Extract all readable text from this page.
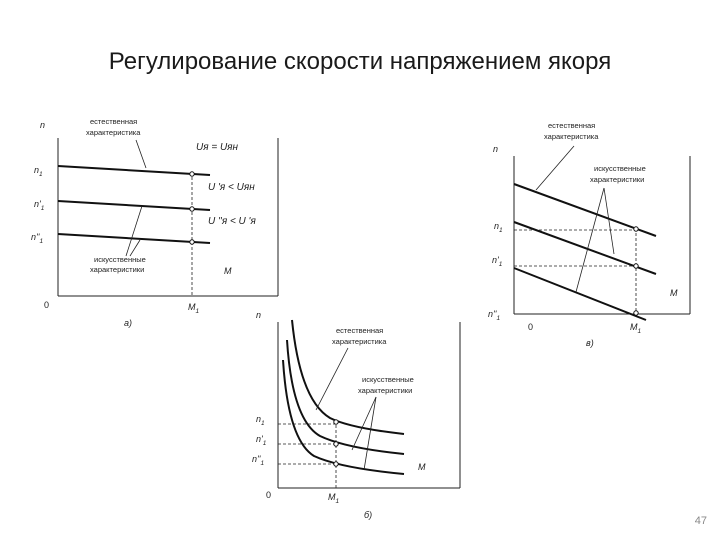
Регулирование скорости напряжением якоря
n
0
M
а)
$M_1$
$n_1$
$n'_1$
$n''_1$
естественная
характеристика
искусственные
характеристики
Uя = Uян
U 'я < Uян
U ''я < U 'я
n
0
M
б)
$n_1$
$n'_1$
$n''_1$
$M_1$
естественная
характеристика
искусственные
характеристики
n
0
M
в)
$n_1$
$n'_1$
$n''_1$
$M_1$
естественная
характеристика
искусственные
характеристики
47
